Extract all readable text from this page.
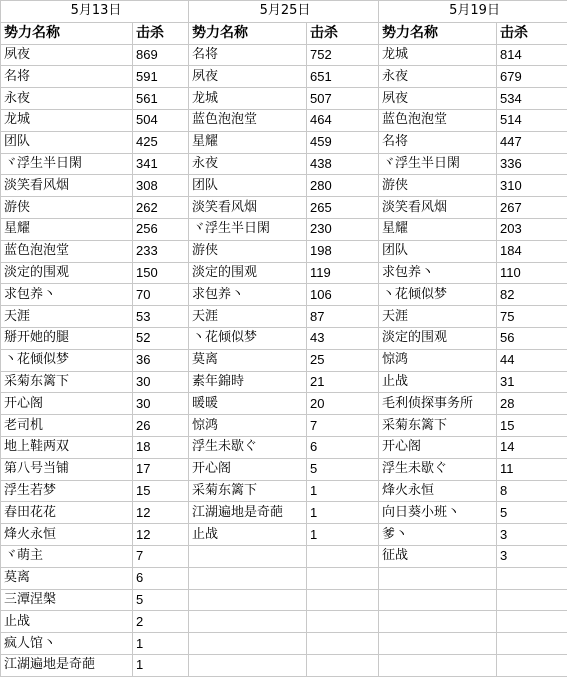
5月13日		5月25日		5月19日	
势力名称	击杀	势力名称	击杀	势力名称	击杀
夙夜	869	名将	752	龙城	814
名将	591	夙夜	651	永夜	679
永夜	561	龙城	507	夙夜	534
龙城	504	蓝色泡泡堂	464	蓝色泡泡堂	514
团队	425	星耀	459	名将	447
ヾ浮生半日閑	341	永夜	438	ヾ浮生半日閑	336
淡笑看风烟	308	团队	280	游侠	310
游侠	262	淡笑看风烟	265	淡笑看风烟	267
星耀	256	ヾ浮生半日閑	230	星耀	203
蓝色泡泡堂	233	游侠	198	团队	184
淡定的围观	150	淡定的围观	119	求包养丶	110
求包养丶	70	求包养丶	106	丶花倾似梦	82
天涯	53	天涯	87	天涯	75
掰开她的腿	52	丶花倾似梦	43	淡定的围观	56
丶花倾似梦	36	莫离	25	惊鸿	44
采菊东篱下	30	素年錦時	21	止战	31
开心阁	30	暖暖	20	毛利侦探事务所	28
老司机	26	惊鸿	7	采菊东篱下	15
地上鞋两双	18	浮生未歇ぐ	6	开心阁	14
第八号当铺	17	开心阁	5	浮生未歇ぐ	11
浮生若梦	15	采菊东篱下	1	烽火永恒	8
春田花花	12	江湖遍地是奇葩	1	向日葵小班丶	5
烽火永恒	12	止战	1	爹丶	3
ヾ萌主	7			征战	3
莫离	6				
三潭涅槃	5				
止战	2				
疯人馆丶	1				
江湖遍地是奇葩	1				
